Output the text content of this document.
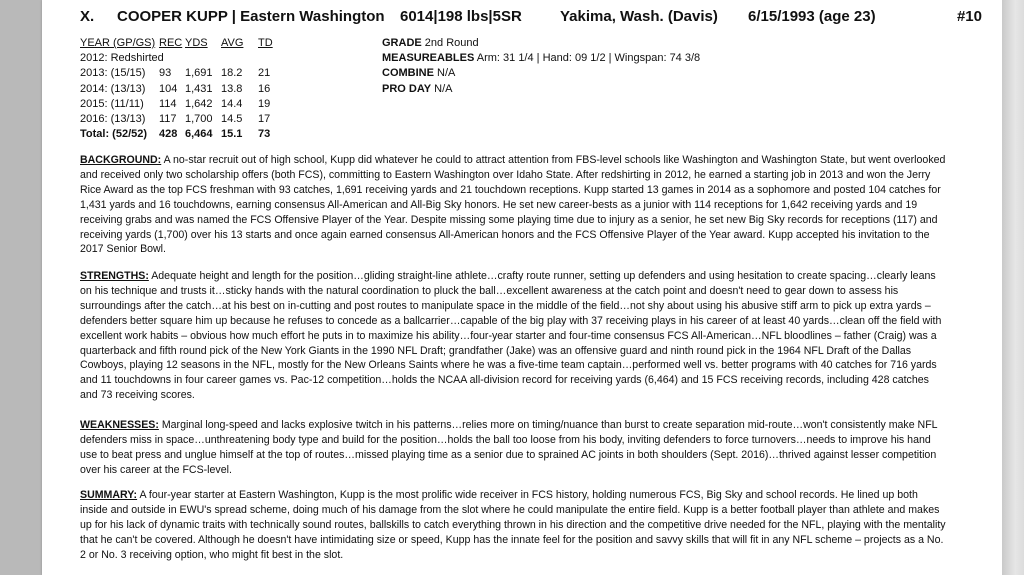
X. COOPER KUPP | Eastern Washington 6014|198 lbs|5SR	Yakima, Wash. (Davis) 6/15/1993 (age 23)	#10
YEAR (GP/GS)	REC	YDS	AVG	TD
2012: Redshirted				
2013: (15/15)	93	1,691	18.2	21
2014: (13/13)	104	1,431	13.8	16
2015: (11/11)	114	1,642	14.4	19
2016: (13/13)	117	1,700	14.5	17
Total: (52/52)	428	6,464	15.1	73
GRADE 2nd Round
MEASUREABLES Arm: 31 1/4 | Hand: 09 1/2 | Wingspan: 74 3/8
COMBINE N/A
PRO DAY N/A
BACKGROUND: A no-star recruit out of high school, Kupp did whatever he could to attract attention from FBS-level schools like Washington and Washington State, but went overlooked and received only two scholarship offers (both FCS), committing to Eastern Washington over Idaho State. After redshirting in 2012, he earned a starting job in 2013 and won the Jerry Rice Award as the top FCS freshman with 93 catches, 1,691 receiving yards and 21 touchdown receptions. Kupp started 13 games in 2014 as a sophomore and posted 104 catches for 1,431 yards and 16 touchdowns, earning consensus All-American and All-Big Sky honors. He set new career-bests as a junior with 114 receptions for 1,642 receiving yards and 19 receiving grabs and was named the FCS Offensive Player of the Year. Despite missing some playing time due to injury as a senior, he set new Big Sky records for receptions (117) and receiving yards (1,700) over his 13 starts and once again earned consensus All-American honors and the FCS Offensive Player of the Year award. Kupp accepted his invitation to the 2017 Senior Bowl.
STRENGTHS: Adequate height and length for the position…gliding straight-line athlete…crafty route runner, setting up defenders and using hesitation to create spacing…clearly leans on his technique and trusts it…sticky hands with the natural coordination to pluck the ball…excellent awareness at the catch point and doesn't need to gear down to assess his surroundings after the catch…at his best on in-cutting and post routes to manipulate space in the middle of the field…not shy about using his abusive stiff arm to pick up extra yards – defenders better square him up because he refuses to concede as a ballcarrier…capable of the big play with 37 receiving plays in his career of at least 40 yards…clean off the field with excellent work habits – obvious how much effort he puts in to maximize his ability…four-year starter and four-time consensus FCS All-American…NFL bloodlines – father (Craig) was a quarterback and fifth round pick of the New York Giants in the 1990 NFL Draft; grandfather (Jake) was an offensive guard and ninth round pick in the 1964 NFL Draft of the Dallas Cowboys, playing 12 seasons in the NFL, mostly for the New Orleans Saints where he was a five-time team captain…performed well vs. better programs with 40 catches for 716 yards and 11 touchdowns in four career games vs. Pac-12 competition…holds the NCAA all-division record for receiving yards (6,464) and 15 FCS receiving records, including 428 catches and 73 receiving scores.
WEAKNESSES: Marginal long-speed and lacks explosive twitch in his patterns…relies more on timing/nuance than burst to create separation mid-route…won't consistently make NFL defenders miss in space…unthreatening body type and build for the position…holds the ball too loose from his body, inviting defenders to force turnovers…needs to improve his hand use to beat press and unglue himself at the top of routes…missed playing time as a senior due to sprained AC joints in both shoulders (Sept. 2016)…thrived against lesser competition over his career at the FCS-level.
SUMMARY: A four-year starter at Eastern Washington, Kupp is the most prolific wide receiver in FCS history, holding numerous FCS, Big Sky and school records. He lined up both inside and outside in EWU's spread scheme, doing much of his damage from the slot where he could manipulate the entire field. Kupp is a better football player than athlete and makes up for his lack of dynamic traits with technically sound routes, ballskills to catch everything thrown in his direction and the competitive drive needed for the NFL, playing with the mentality that he can't be covered. Although he doesn't have intimidating size or speed, Kupp has the innate feel for the position and savvy skills that will fit in any NFL scheme – projects as a No. 2 or No. 3 receiving option, who might fit best in the slot.
